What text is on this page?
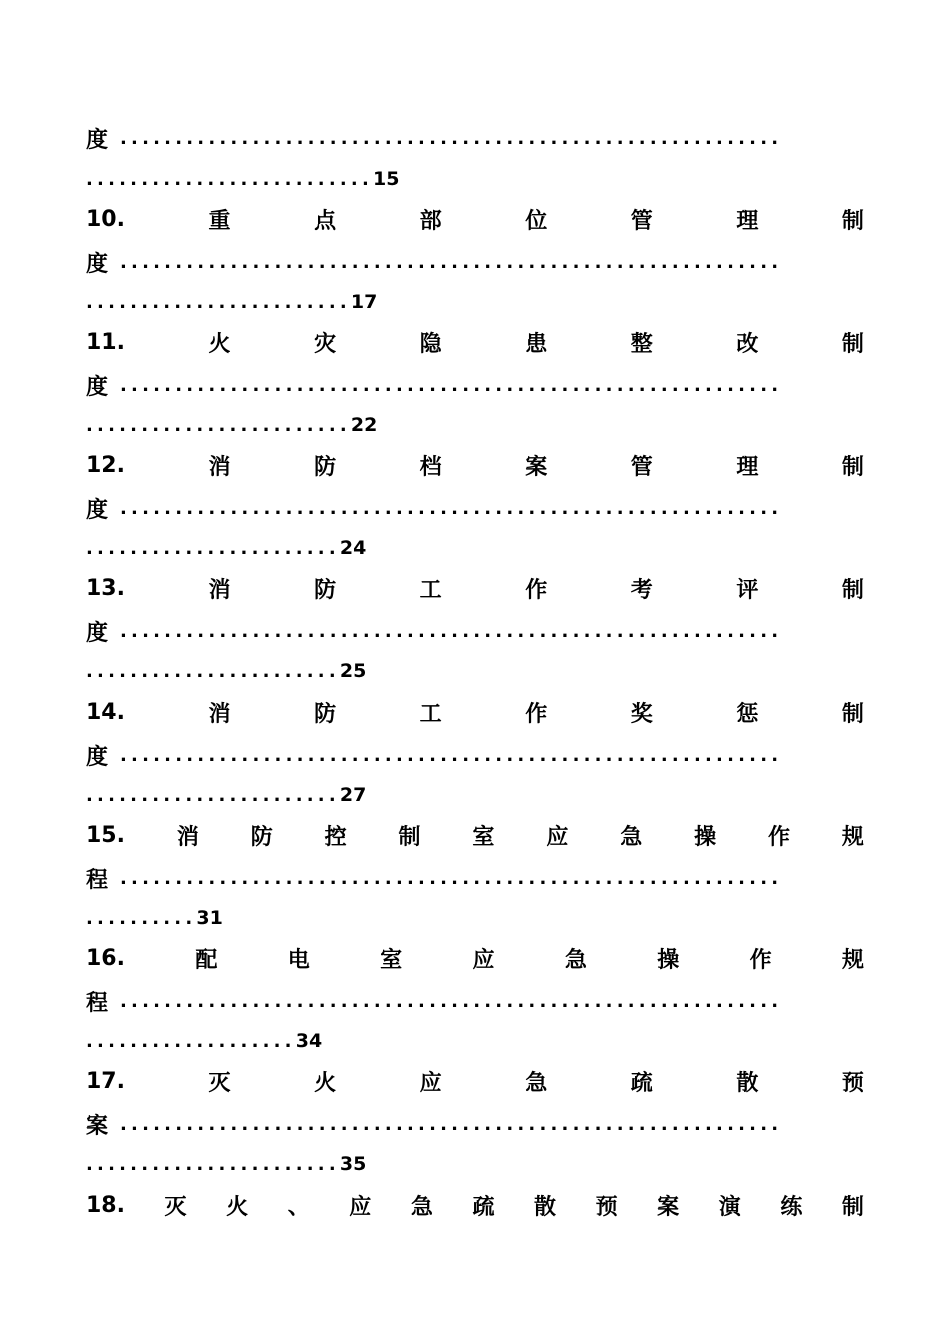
度 ............................................................
.......................... 15
10.	重	点	部	位	管	理	制
度 ............................................................
........................ 17
11.	火	灾	隐	患	整	改	制
度 ............................................................
........................ 22
12.	消	防	档	案	管	理	制
度 ............................................................
....................... 24
13.	消	防	工	作	考	评	制
度 ............................................................
....................... 25
14.	消	防	工	作	奖	惩	制
度 ............................................................
....................... 27
15. 消 防 控 制 室 应 急 操 作 规
程 ............................................................
.......... 31
16.	配	电	室	应	急	操	作	规
程 ............................................................
................... 34
17.	灭	火	应	急	疏	散	预
案 ............................................................
....................... 35
18. 灭 火 、 应 急 疏 散 预 案 演 练 制
